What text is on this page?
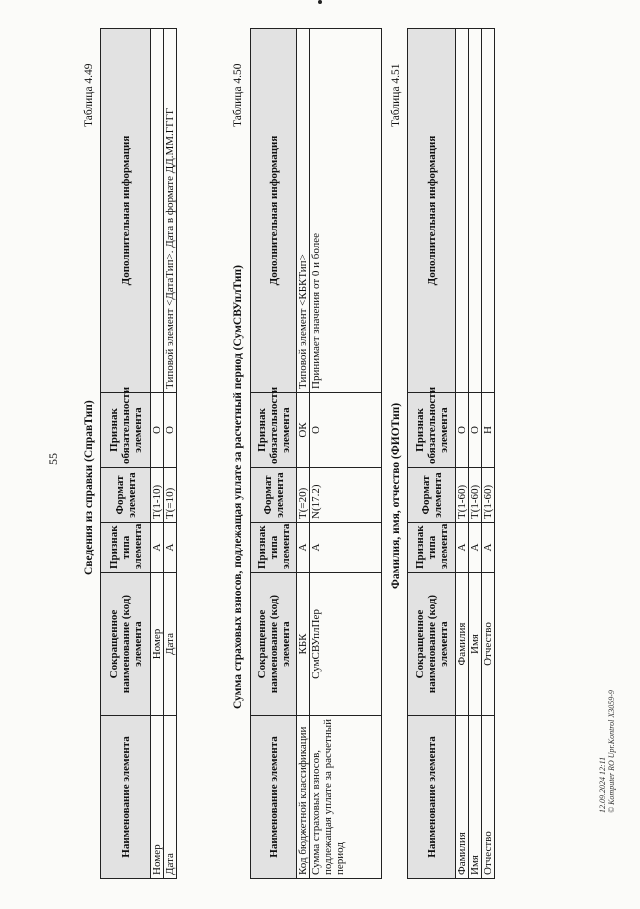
55
Таблица 4.49
Сведения из справки (СправТип)
Наименование элемента	Сокращенное наименование (код) элемента	Признак типа элемента	Формат элемента	Признак обязательности элемента	Дополнительная информация
Номер	Номер	А	T(1-10)	О	
Дата	Дата	А	T(=10)	О	Типовой элемент <ДатаТип>. Дата в формате ДД.ММ.ГГГГ
Таблица 4.50
Сумма страховых взносов, подлежащая уплате за расчетный период (СумСВУплТип)
Наименование элемента	Сокращенное наименование (код) элемента	Признак типа элемента	Формат элемента	Признак обязательности элемента	Дополнительная информация
Код бюджетной классификации	КБК	А	T(=20)	ОК	Типовой элемент <КБКТип>
Сумма страховых взносов, подлежащая уплате за расчетный период	СумСВУплПер	А	N(17.2)	О	Принимает значения от 0 и более
Таблица 4.51
Фамилия, имя, отчество (ФИОТип)
Наименование элемента	Сокращенное наименование (код) элемента	Признак типа элемента	Формат элемента	Признак обязательности элемента	Дополнительная информация
Фамилия	Фамилия	А	T(1-60)	О	
Имя	Имя	А	T(1-60)	О	
Отчество	Отчество	А	T(1-60)	Н	
12.09.2024 12:11 © Komputer RO Upr.Kontrol X3059-9
